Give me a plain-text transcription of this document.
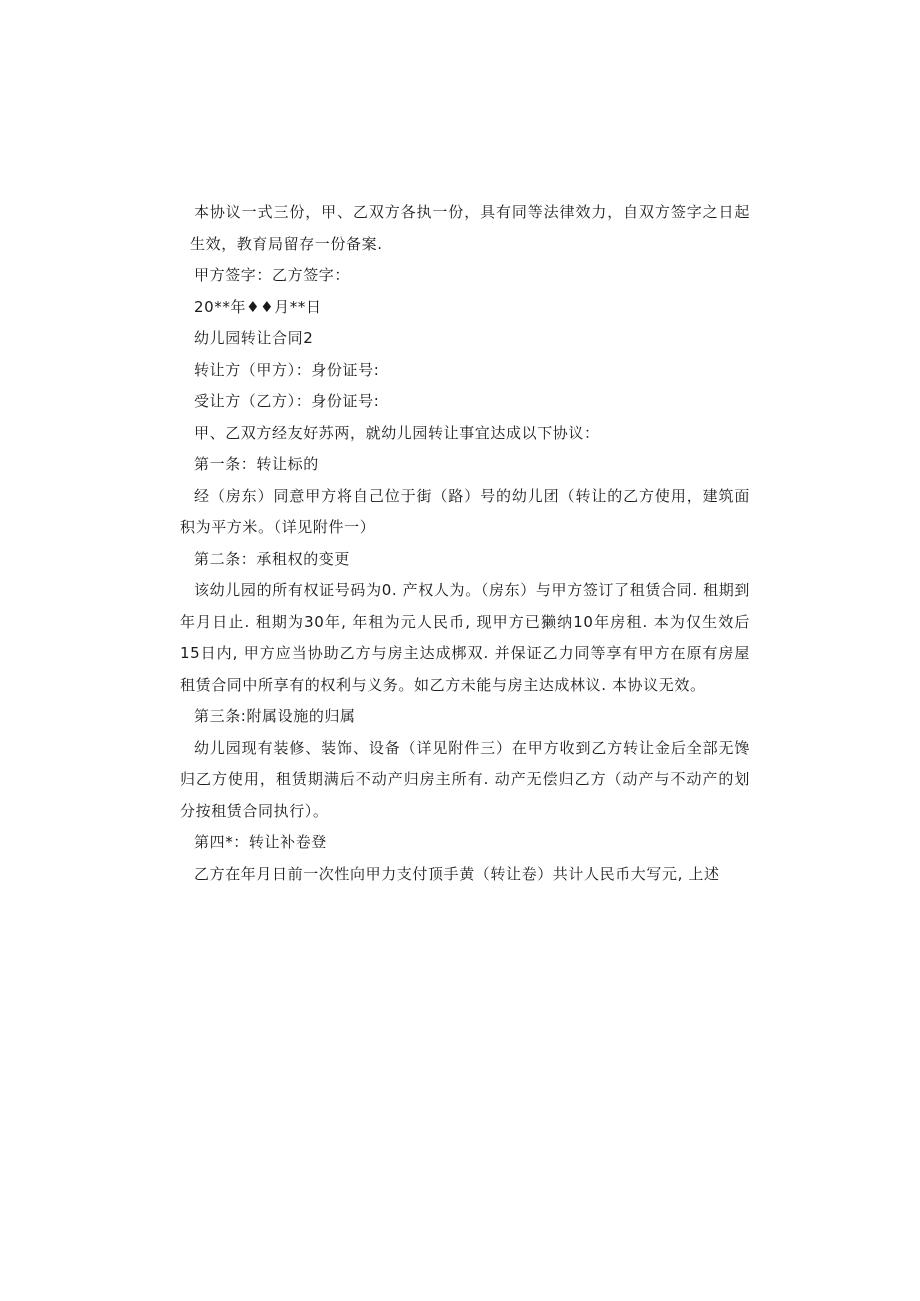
本协议一式三份，甲、乙双方各执一份，具有同等法律效力，自双方签字之日起生效，教育局留存一份备案.

甲方签字：乙方签字：

20**年♦♦月**日

幼儿园转让合同2

转让方（甲方）：身份证号:

受让方（乙方）：身份证号:

甲、乙双方经友好苏两，就幼儿园转让事宜达成以下协议：

第一条：转让标的

经（房东）同意甲方将自己位于街（路）号的幼儿团（转让的乙方使用，建筑面积为平方米。（详见附件一）

第二条：承租权的变更

该幼儿园的所有权证号码为0. 产权人为。（房东）与甲方签订了租赁合同. 租期到年月日止. 租期为30年, 年租为元人民币, 现甲方已獭纳10年房租. 本为仅生效后15日内, 甲方应当协助乙方与房主达成梆双. 并保证乙力同等享有甲方在原有房屋租赁合同中所享有的权利与义务。如乙方未能与房主达成林议. 本协议无效。

第三条:附属设施的归属

幼儿园现有装修、装饰、设备（详见附件三）在甲方收到乙方转让金后全部无馋归乙方使用，租赁期满后不动产归房主所有. 动产无偿归乙方（动产与不动产的划分按租赁合同执行）。

第四*：转让补卷登

乙方在年月日前一次性向甲力支付顶手黄（转让卷）共计人民币大写元, 上述
